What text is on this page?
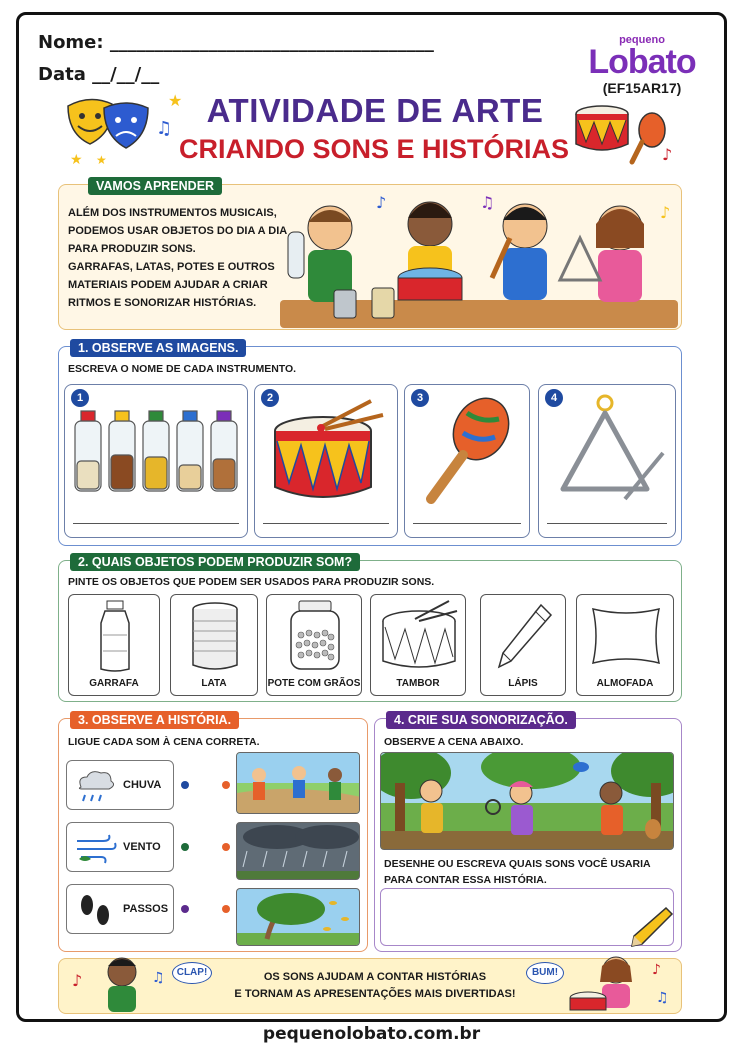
Nome: ____________________________________
Data __/__/__
pequeno
Lobato
(EF15AR17)
♫
★
★ ★
ATIVIDADE DE ARTE
CRIANDO SONS E HISTÓRIAS	♪
VAMOS APRENDER
ALÉM DOS INSTRUMENTOS MUSICAIS,
PODEMOS USAR OBJETOS DO DIA A DIA
PARA PRODUZIR SONS.
GARRAFAS, LATAS, POTES E OUTROS
MATERIAIS PODEM AJUDAR A CRIAR
RITMOS E SONORIZAR HISTÓRIAS.
♪	♫
♪
1. OBSERVE AS IMAGENS.
ESCREVA O NOME DE CADA INSTRUMENTO.
1	2	3	4
2. QUAIS OBJETOS PODEM PRODUZIR SOM?
PINTE OS OBJETOS QUE PODEM SER USADOS PARA PRODUZIR SONS.
GARRAFA	LATA	POTE COM GRÃOS	TAMBOR	LÁPIS	ALMOFADA
3. OBSERVE A HISTÓRIA.
LIGUE CADA SOM À CENA CORRETA.
CHUVA
VENTO
PASSOS
4. CRIE SUA SONORIZAÇÃO.
OBSERVE A CENA ABAIXO.
DESENHE OU ESCREVA QUAIS SONS VOCÊ USARIA
PARA CONTAR ESSA HISTÓRIA.
♪	♫	CLAP!	OS SONS AJUDAM A CONTAR HISTÓRIAS
E TORNAM AS APRESENTAÇÕES MAIS DIVERTIDAS!
BUM!	♪
♫
pequenolobato.com.br
